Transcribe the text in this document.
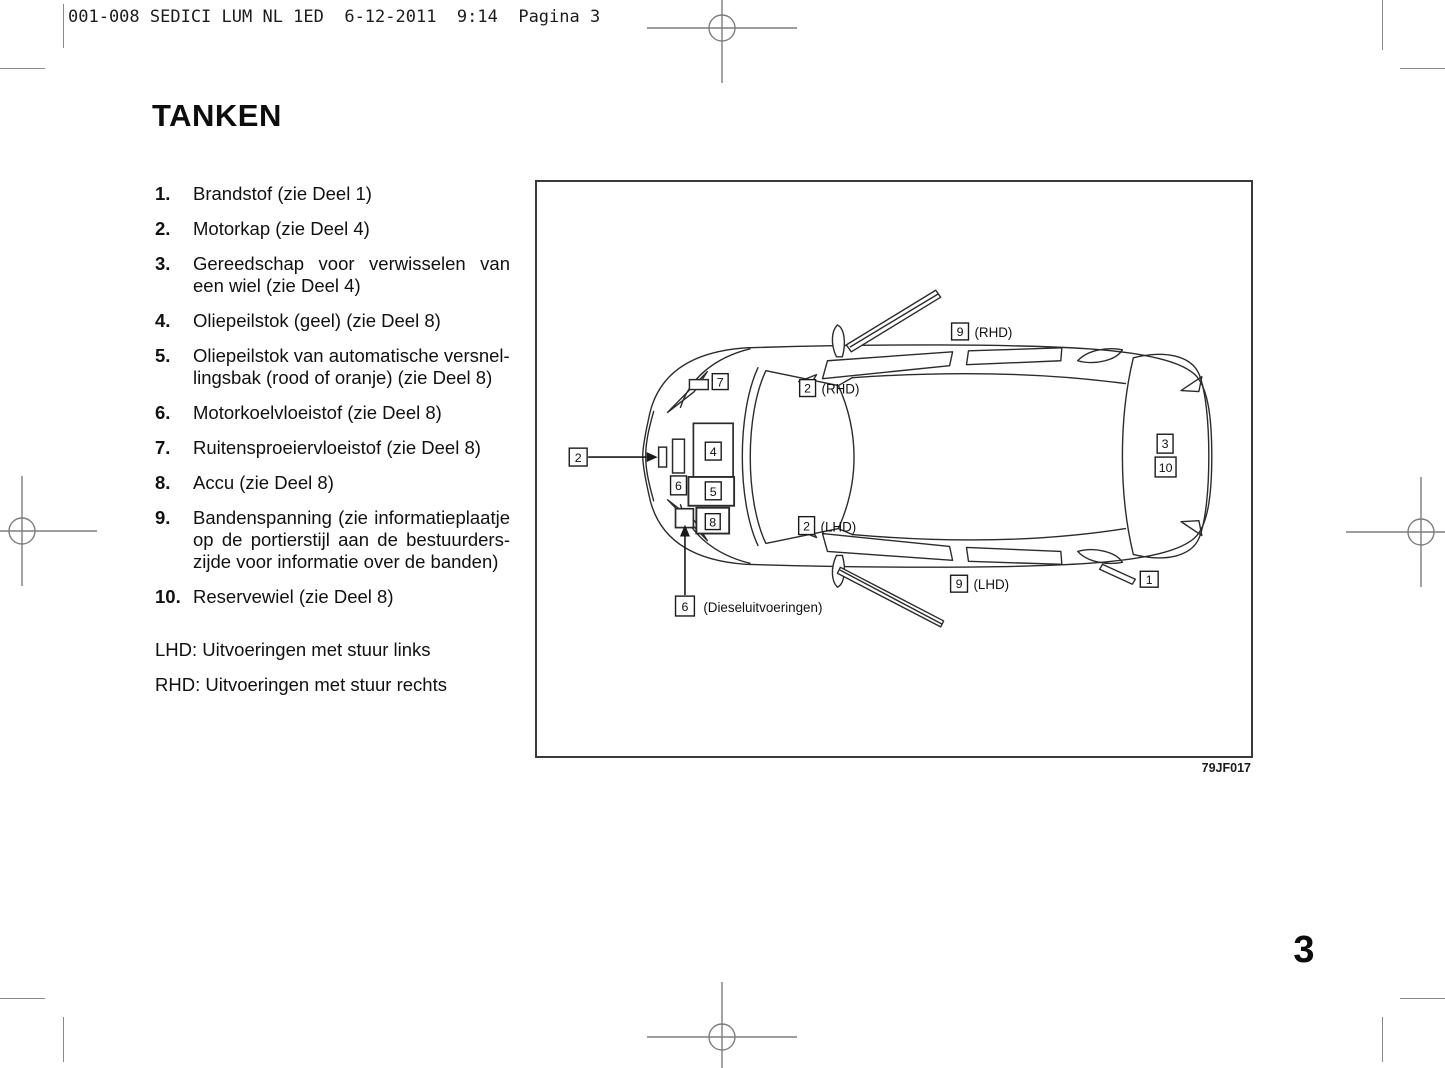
001-008 SEDICI LUM NL 1ED  6-12-2011  9:14  Pagina 3
TANKEN
1.	Brandstof (zie Deel 1)
2.	Motorkap (zie Deel 4)
3.	Gereedschap voor verwisselen van
een wiel (zie Deel 4)
4.	Oliepeilstok (geel) (zie Deel 8)
5.	Oliepeilstok van automatische versnel-
lingsbak (rood of oranje) (zie Deel 8)
6.	Motorkoelvloeistof (zie Deel 8)
7.	Ruitensproeiervloeistof (zie Deel 8)
8.	Accu (zie Deel 8)
9.	Bandenspanning (zie informatieplaatje
op de portierstijl aan de bestuurders-
zijde voor informatie over de banden)
10. Reservewiel (zie Deel 8)
LHD: Uitvoeringen met stuur links
RHD: Uitvoeringen met stuur rechts
9 (RHD)
7	2 (RHD)
2	4
6 5
8	2 (LHD)
3
10
9 (LHD)	1
6 (Dieseluitvoeringen)
79JF017
3
